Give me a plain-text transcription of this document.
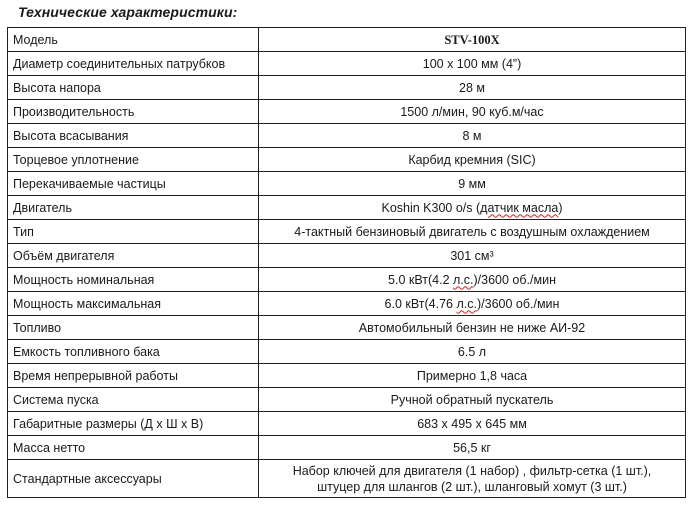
Технические характеристики:
Модель	STV-100X
Диаметр соединительных патрубков	100 x 100 мм (4”)
Высота напора	28 м
Производительность	1500 л/мин, 90 куб.м/час
Высота всасывания	8 м
Торцевое уплотнение	Карбид кремния (SIC)
Перекачиваемые частицы	9 мм
Двигатель	Koshin K300 o/s (датчик масла)
Тип	4-тактный бензиновый двигатель с воздушным охлаждением
Объём двигателя	301 см³
Мощность номинальная	5.0 кВт(4.2 л.с.)/3600 об./мин
Мощность максимальная	6.0 кВт(4.76 л.с.)/3600 об./мин
Топливо	Автомобильный бензин не ниже АИ-92
Емкость топливного бака	6.5 л
Время непрерывной работы	Примерно 1,8 часа
Система пуска	Ручной обратный пускатель
Габаритные размеры (Д х Ш х В)	683 x 495 x 645 мм
Масса нетто	56,5 кг
Стандартные аксессуары	Набор ключей для двигателя (1 набор) , фильтр-сетка (1 шт.),
штуцер для шлангов (2 шт.), шланговый хомут (3 шт.)
